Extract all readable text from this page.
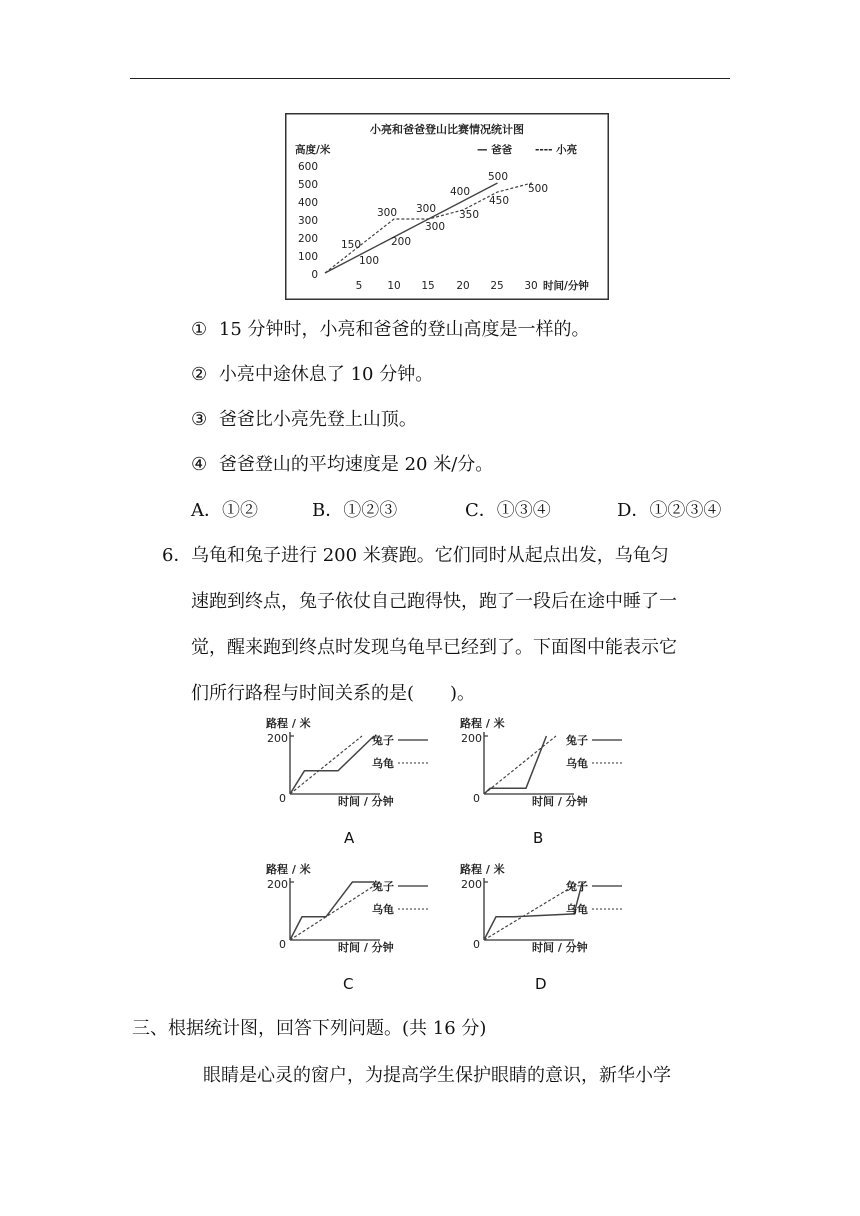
小亮和爸爸登山比赛情况统计图
高度/米	— 爸爸 ---- 小亮
600
500
400
300
200
100
0
5 10 15 20 25 30 时间/分钟
150
300 300 350
450
500
100
200
300
400
500
① 15 分钟时，小亮和爸爸的登山高度是一样的。
② 小亮中途休息了 10 分钟。
③ 爸爸比小亮先登上山顶。
④ 爸爸登山的平均速度是 20 米/分。
A．①②	B．①②③	C．①③④	D．①②③④
6． 乌龟和兔子进行 200 米赛跑。它们同时从起点出发，乌龟匀
速跑到终点，兔子依仗自己跑得快，跑了一段后在途中睡了一
觉，醒来跑到终点时发现乌龟早已经到了。下面图中能表示它
们所行路程与时间关系的是(　　)。
路程 / 米
200
0	时间 / 分钟
兔子
乌龟
A
路程 / 米
200
0	时间 / 分钟
兔子
乌龟
B
路程 / 米
200
0	时间 / 分钟
兔子
乌龟
C
路程 / 米
200
0	时间 / 分钟
兔子
乌龟
D
三、根据统计图，回答下列问题。(共 16 分)
眼睛是心灵的窗户，为提高学生保护眼睛的意识，新华小学
